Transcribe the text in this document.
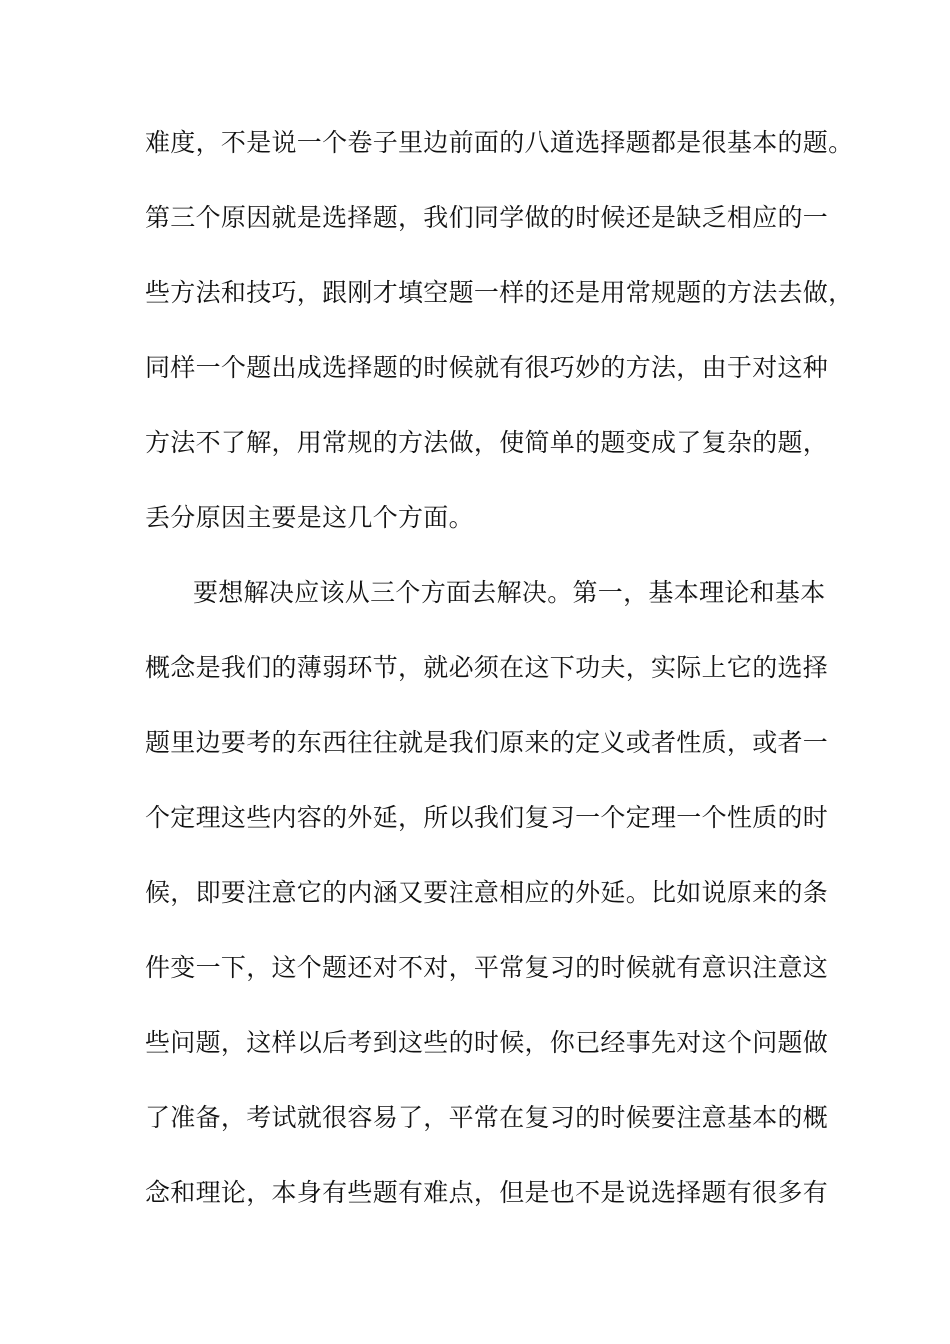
难度，不是说一个卷子里边前面的八道选择题都是很基本的题。
第三个原因就是选择题，我们同学做的时候还是缺乏相应的一
些方法和技巧，跟刚才填空题一样的还是用常规题的方法去做，
同样一个题出成选择题的时候就有很巧妙的方法，由于对这种
方法不了解，用常规的方法做，使简单的题变成了复杂的题，
丢分原因主要是这几个方面。
要想解决应该从三个方面去解决。第一，基本理论和基本
概念是我们的薄弱环节，就必须在这下功夫，实际上它的选择
题里边要考的东西往往就是我们原来的定义或者性质，或者一
个定理这些内容的外延，所以我们复习一个定理一个性质的时
候，即要注意它的内涵又要注意相应的外延。比如说原来的条
件变一下，这个题还对不对，平常复习的时候就有意识注意这
些问题，这样以后考到这些的时候，你已经事先对这个问题做
了准备，考试就很容易了，平常在复习的时候要注意基本的概
念和理论，本身有些题有难点，但是也不是说选择题有很多有
